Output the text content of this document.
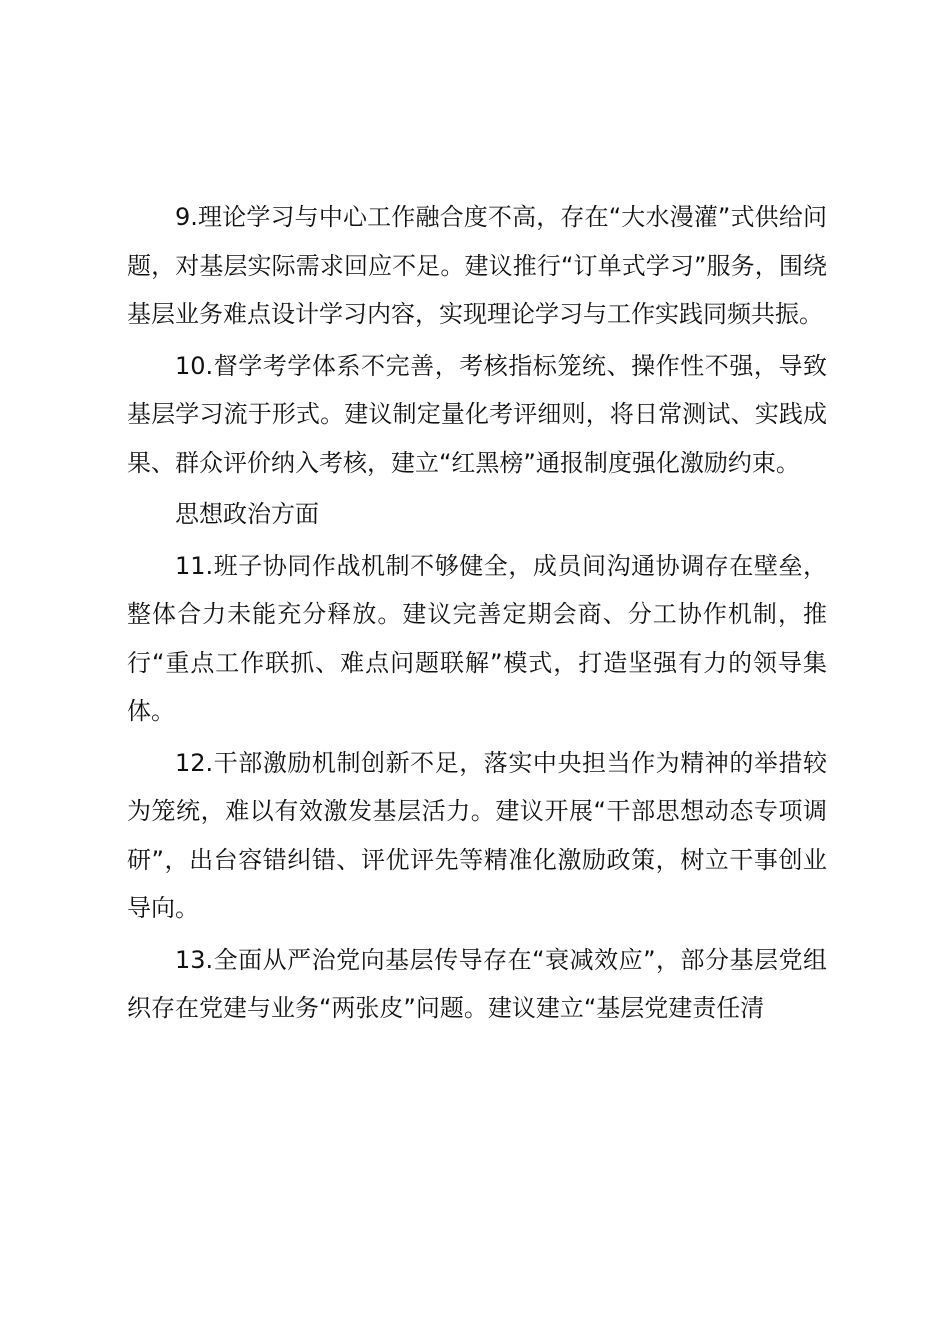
9.理论学习与中心工作融合度不高，存在“大水漫灌”式供给问题，对基层实际需求回应不足。建议推行“订单式学习”服务，围绕基层业务难点设计学习内容，实现理论学习与工作实践同频共振。

10.督学考学体系不完善，考核指标笼统、操作性不强，导致基层学习流于形式。建议制定量化考评细则，将日常测试、实践成果、群众评价纳入考核，建立“红黑榜”通报制度强化激励约束。

思想政治方面

11.班子协同作战机制不够健全，成员间沟通协调存在壁垒，整体合力未能充分释放。建议完善定期会商、分工协作机制，推行“重点工作联抓、难点问题联解”模式，打造坚强有力的领导集体。

12.干部激励机制创新不足，落实中央担当作为精神的举措较为笼统，难以有效激发基层活力。建议开展“干部思想动态专项调研”，出台容错纠错、评优评先等精准化激励政策，树立干事创业导向。

13.全面从严治党向基层传导存在“衰减效应”，部分基层党组织存在党建与业务“两张皮”问题。建议建立“基层党建责任清
